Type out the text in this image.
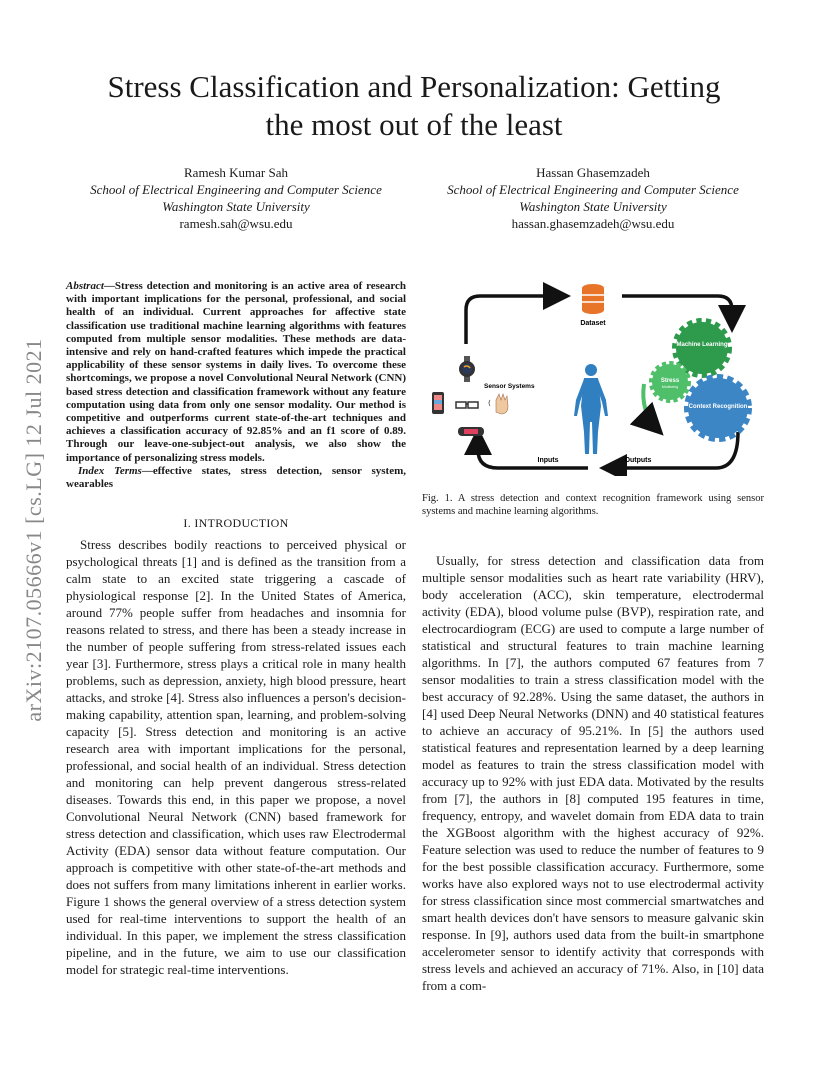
arXiv:2107.05666v1 [cs.LG] 12 Jul 2021
Stress Classification and Personalization: Getting
the most out of the least
Ramesh Kumar Sah
School of Electrical Engineering and Computer Science
Washington State University
ramesh.sah@wsu.edu
Hassan Ghasemzadeh
School of Electrical Engineering and Computer Science
Washington State University
hassan.ghasemzadeh@wsu.edu
Abstract—Stress detection and monitoring is an active area of research with important implications for the personal, professional, and social health of an individual. Current approaches for affective state classification use traditional machine learning algorithms with features computed from multiple sensor modalities. These methods are data-intensive and rely on hand-crafted features which impede the practical applicability of these sensor systems in daily lives. To overcome these shortcomings, we propose a novel Convolutional Neural Network (CNN) based stress detection and classification framework without any feature computation using data from only one sensor modality. Our method is competitive and outperforms current state-of-the-art techniques and achieves a classification accuracy of 92.85% and an f1 score of 0.89. Through our leave-one-subject-out analysis, we also show the importance of personalizing stress models.
Index Terms—effective states, stress detection, sensor system, wearables
I. INTRODUCTION

Stress describes bodily reactions to perceived physical or psychological threats [1] and is defined as the transition from a calm state to an excited state triggering a cascade of physiological response [2]. In the United States of America, around 77% people suffer from headaches and insomnia for reasons related to stress, and there has been a steady increase in the number of people suffering from stress-related issues each year [3]. Furthermore, stress plays a critical role in many health problems, such as depression, anxiety, high blood pressure, heart attacks, and stroke [4]. Stress also influences a person's decision-making capability, attention span, learning, and problem-solving capacity [5]. Stress detection and monitoring is an active research area with important implications for the personal, professional, and social health of an individual. Stress detection and monitoring can help prevent dangerous stress-related diseases. Towards this end, in this paper we propose, a novel Convolutional Neural Network (CNN) based framework for stress detection and classification, which uses raw Electrodermal Activity (EDA) sensor data without feature computation. Our approach is competitive with other state-of-the-art methods and does not suffers from many limitations inherent in earlier works. Figure 1 shows the general overview of a stress detection system used for real-time interventions to support the health of an individual. In this paper, we implement the stress classification pipeline, and in the future, we aim to use our classification model for strategic real-time interventions.

Dataset
Sensor Systems
Machine Learning
Stress
Monitoring
Context Recognition
Inputs	Outputs
Fig. 1. A stress detection and context recognition framework using sensor systems and machine learning algorithms.

Usually, for stress detection and classification data from multiple sensor modalities such as heart rate variability (HRV), body acceleration (ACC), skin temperature, electrodermal activity (EDA), blood volume pulse (BVP), respiration rate, and electrocardiogram (ECG) are used to compute a large number of statistical and structural features to train machine learning algorithms. In [7], the authors computed 67 features from 7 sensor modalities to train a stress classification model with the best accuracy of 92.28%. Using the same dataset, the authors in [4] used Deep Neural Networks (DNN) and 40 statistical features to achieve an accuracy of 95.21%. In [5] the authors used statistical features and representation learned by a deep learning model as features to train the stress classification model with accuracy up to 92% with just EDA data. Motivated by the results from [7], the authors in [8] computed 195 features in time, frequency, entropy, and wavelet domain from EDA data to train the XGBoost algorithm with the highest accuracy of 92%. Feature selection was used to reduce the number of features to 9 for the best possible classification accuracy. Furthermore, some works have also explored ways not to use electrodermal activity for stress classification since most commercial smartwatches and smart health devices don't have sensors to measure galvanic skin response. In [9], authors used data from the built-in smartphone accelerometer sensor to identify activity that corresponds with stress levels and achieved an accuracy of 71%. Also, in [10] data from a com-
